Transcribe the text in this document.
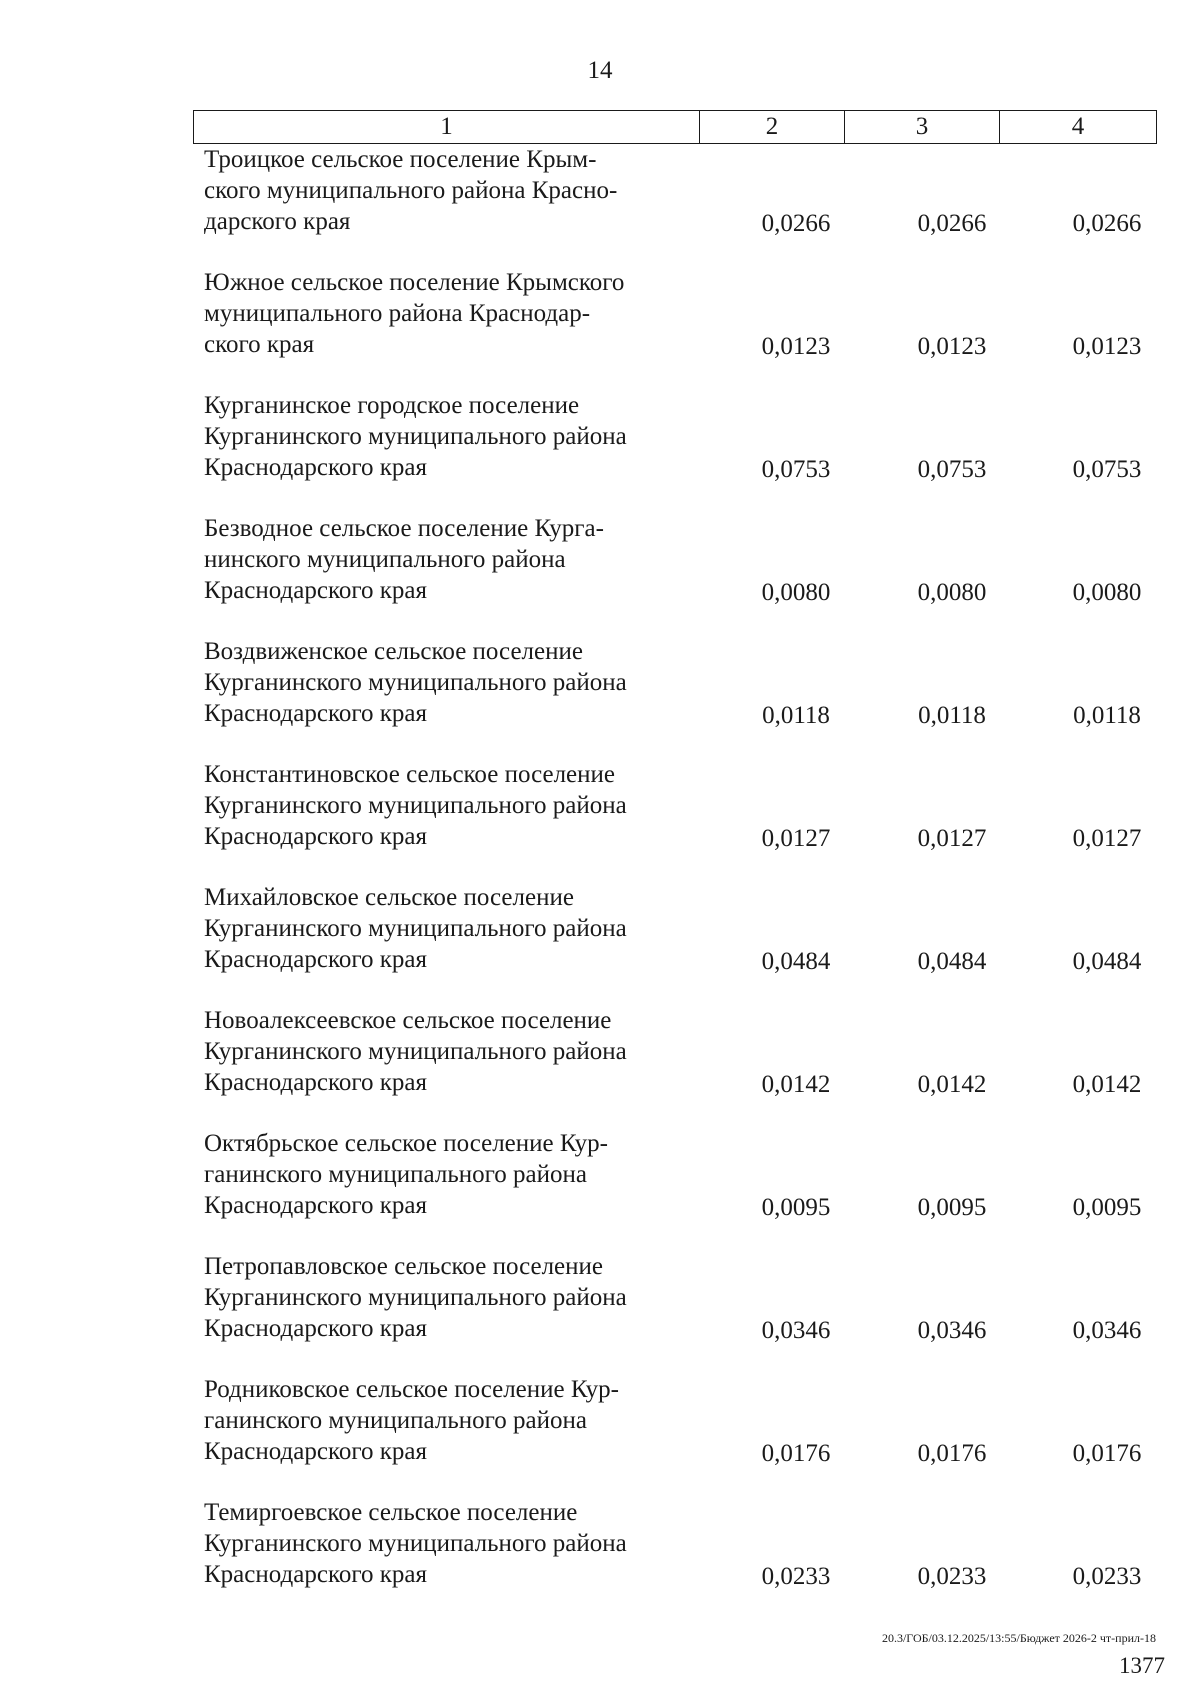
14
1	2	3	4
Троицкое сельское поселение Крым-
ского муниципального района Красно-
дарского края	0,0266	0,0266	0,0266
Южное сельское поселение Крымского
муниципального района Краснодар-
ского края	0,0123	0,0123	0,0123
Курганинское городское поселение
Курганинского муниципального района
Краснодарского края	0,0753	0,0753	0,0753
Безводное сельское поселение Курга-
нинского муниципального района
Краснодарского края	0,0080	0,0080	0,0080
Воздвиженское сельское поселение
Курганинского муниципального района
Краснодарского края	0,0118	0,0118	0,0118
Константиновское сельское поселение
Курганинского муниципального района
Краснодарского края	0,0127	0,0127	0,0127
Михайловское сельское поселение
Курганинского муниципального района
Краснодарского края	0,0484	0,0484	0,0484
Новоалексеевское сельское поселение
Курганинского муниципального района
Краснодарского края	0,0142	0,0142	0,0142
Октябрьское сельское поселение Кур-
ганинского муниципального района
Краснодарского края	0,0095	0,0095	0,0095
Петропавловское сельское поселение
Курганинского муниципального района
Краснодарского края	0,0346	0,0346	0,0346
Родниковское сельское поселение Кур-
ганинского муниципального района
Краснодарского края	0,0176	0,0176	0,0176
Темиргоевское сельское поселение
Курганинского муниципального района
Краснодарского края	0,0233	0,0233	0,0233
20.3/ГОБ/03.12.2025/13:55/Бюджет 2026-2 чт-прил-18
1377
